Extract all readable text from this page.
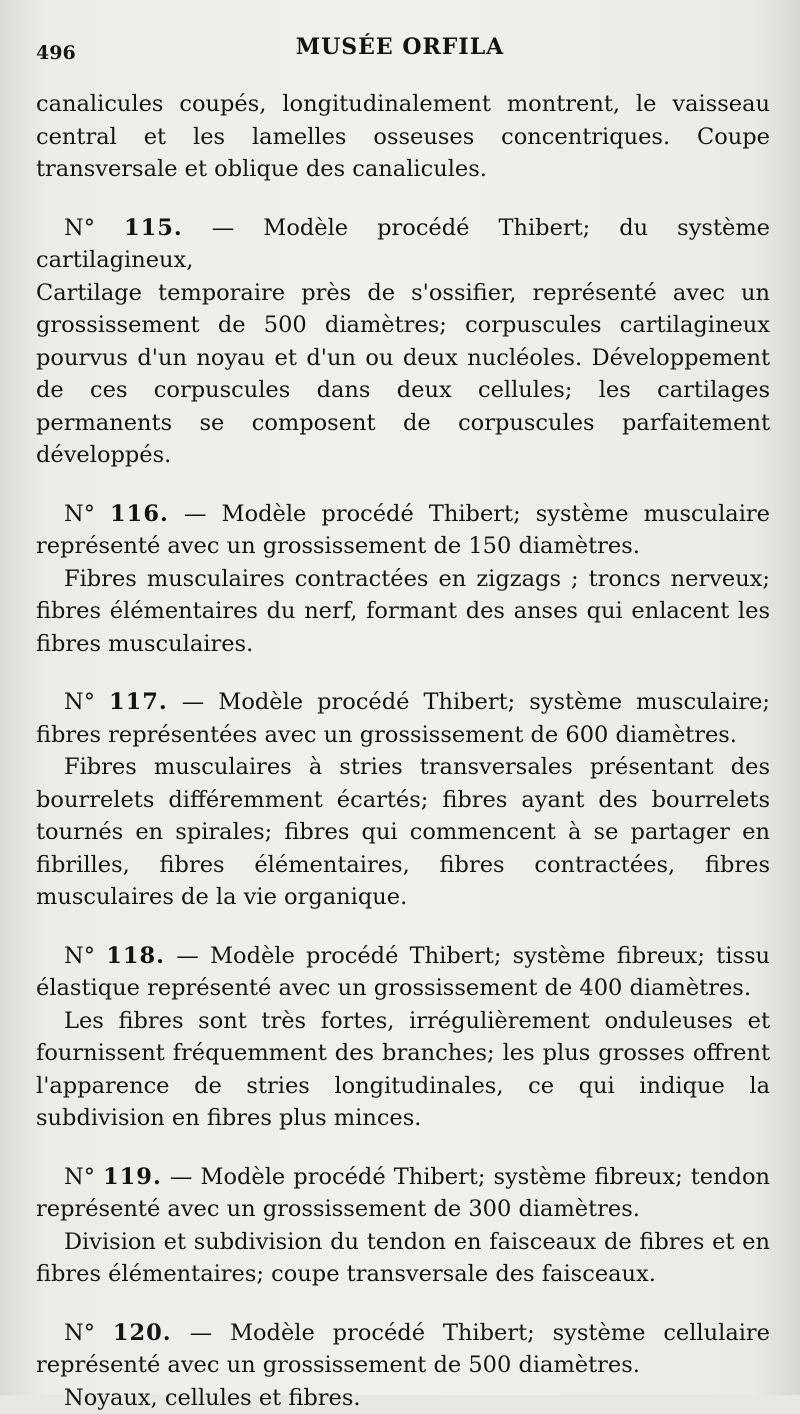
496	MUSÉE ORFILA

canalicules coupés, longitudinalement montrent, le vaisseau central et les lamelles osseuses concentriques. Coupe transversale et oblique des canalicules.

N° 115. — Modèle procédé Thibert; du système cartilagineux,

Cartilage temporaire près de s'ossifier, représenté avec un grossissement de 500 diamètres; corpuscules cartilagineux pourvus d'un noyau et d'un ou deux nucléoles. Développement de ces corpuscules dans deux cellules; les cartilages permanents se composent de corpuscules parfaitement développés.

N° 116. — Modèle procédé Thibert; système musculaire représenté avec un grossissement de 150 diamètres.

Fibres musculaires contractées en zigzags ; troncs nerveux; fibres élémentaires du nerf, formant des anses qui enlacent les fibres musculaires.

N° 117. — Modèle procédé Thibert; système musculaire; fibres représentées avec un grossissement de 600 diamètres.

Fibres musculaires à stries transversales présentant des bourrelets différemment écartés; fibres ayant des bourrelets tournés en spirales; fibres qui commencent à se partager en fibrilles, fibres élémentaires, fibres contractées, fibres musculaires de la vie organique.

N° 118. — Modèle procédé Thibert; système fibreux; tissu élastique représenté avec un grossissement de 400 diamètres.

Les fibres sont très fortes, irrégulièrement onduleuses et fournissent fréquemment des branches; les plus grosses offrent l'apparence de stries longitudinales, ce qui indique la subdivision en fibres plus minces.

N° 119. — Modèle procédé Thibert; système fibreux; tendon représenté avec un grossissement de 300 diamètres.

Division et subdivision du tendon en faisceaux de fibres et en fibres élémentaires; coupe transversale des faisceaux.

N° 120. — Modèle procédé Thibert; système cellulaire représenté avec un grossissement de 500 diamètres.

Noyaux, cellules et fibres.
